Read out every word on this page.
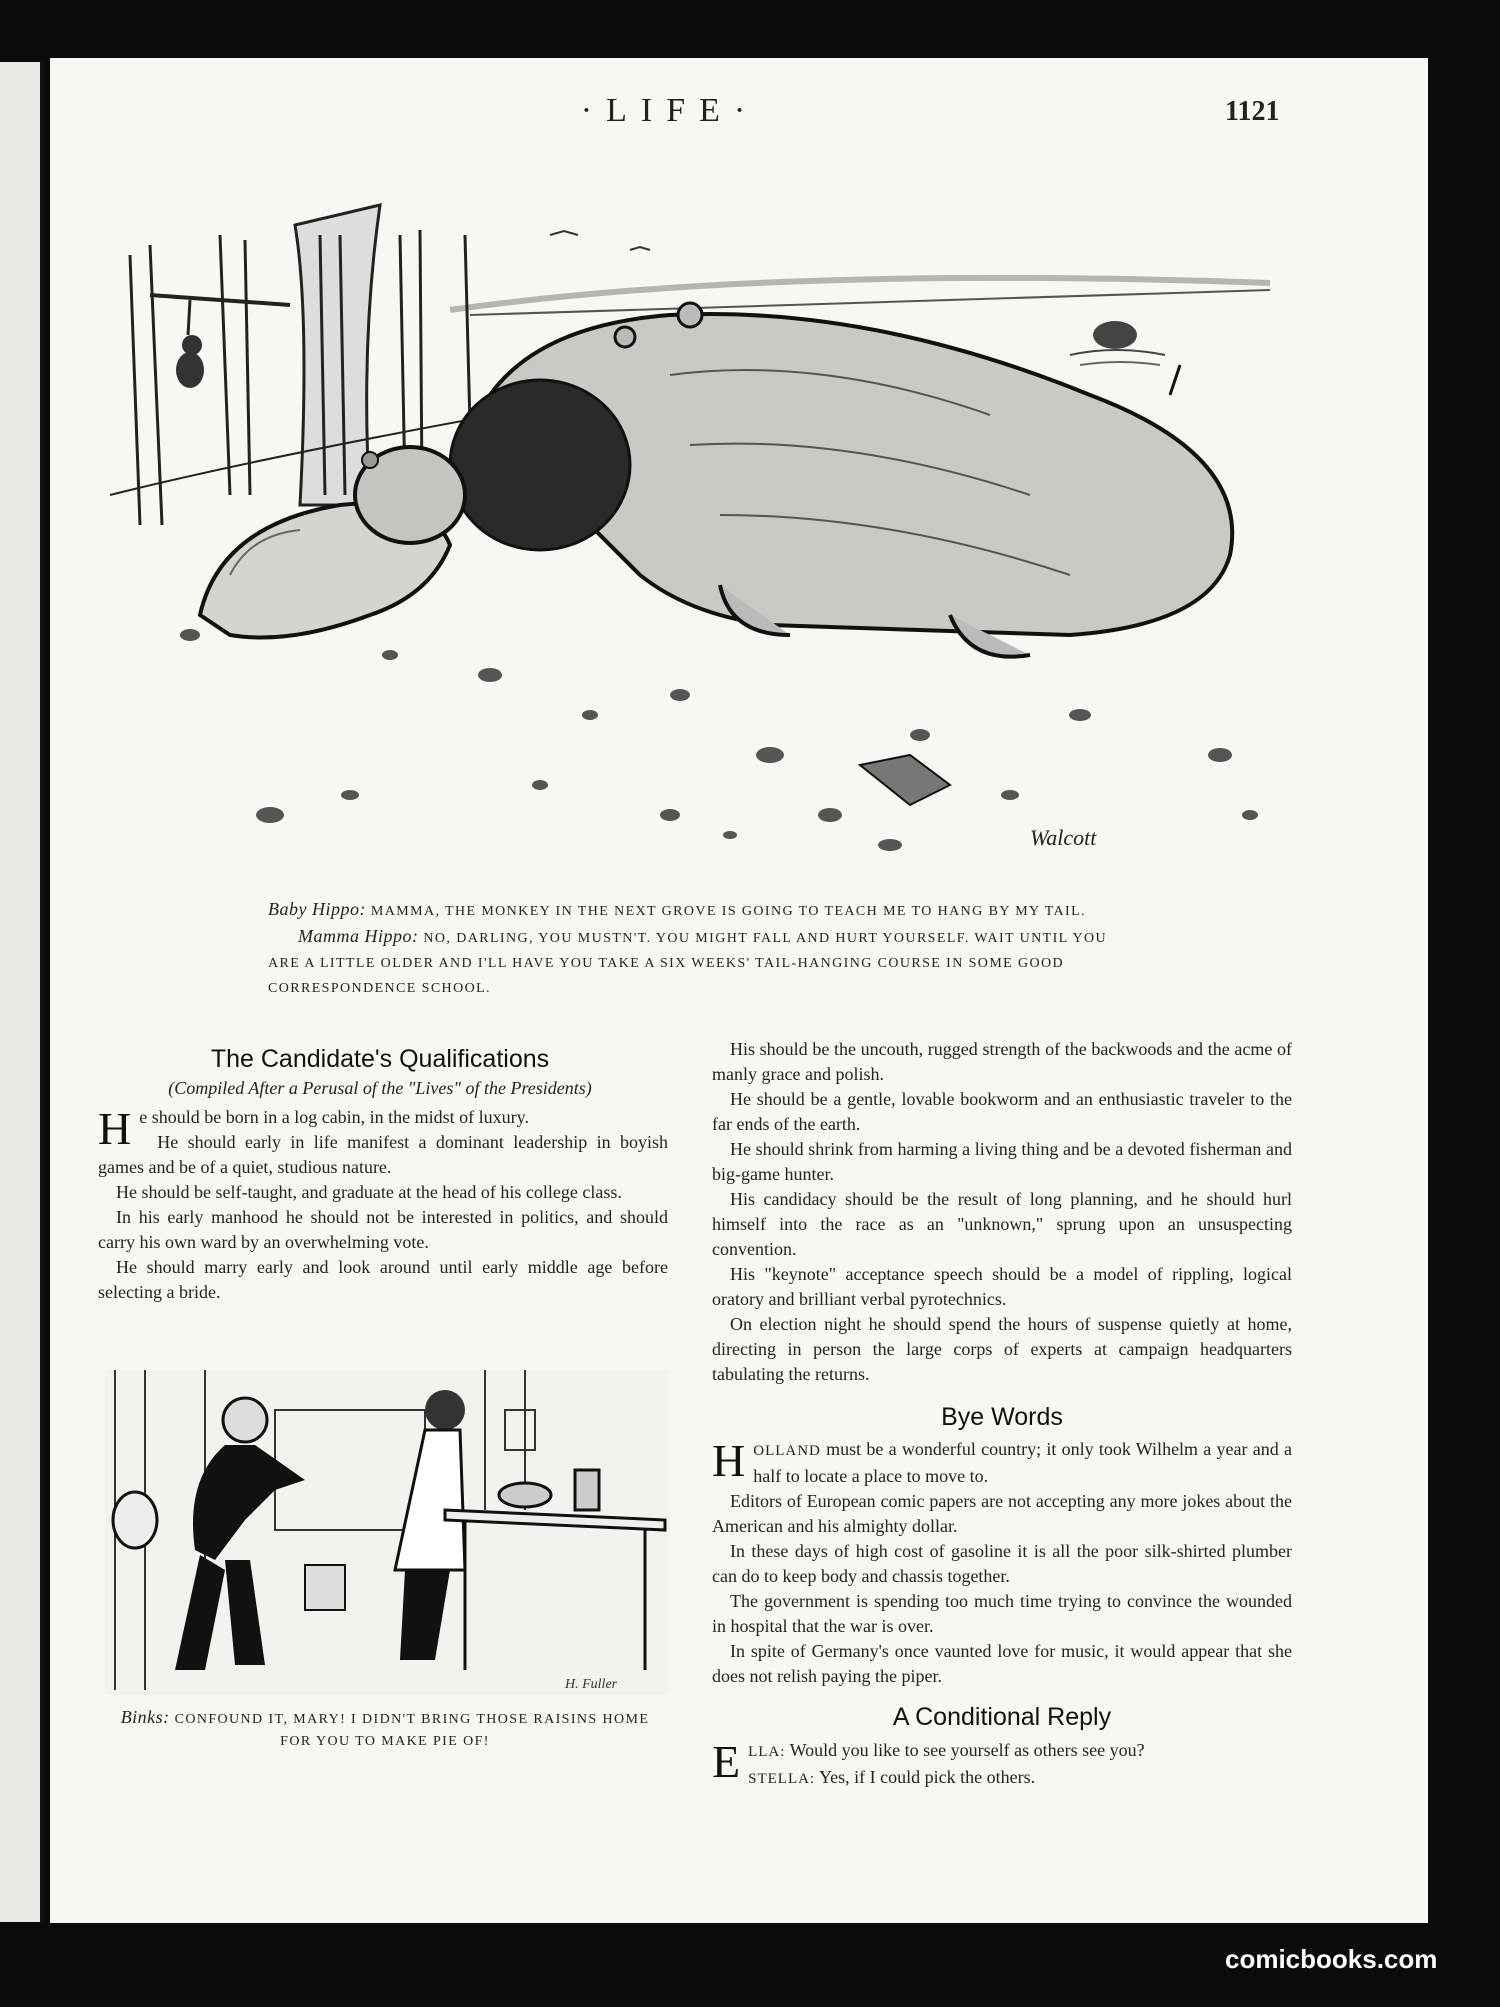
·LIFE·	1121
Walcott
Baby Hippo: MAMMA, THE MONKEY IN THE NEXT GROVE IS GOING TO TEACH ME TO HANG BY MY TAIL.
Mamma Hippo: NO, DARLING, YOU MUSTN'T. YOU MIGHT FALL AND HURT YOURSELF. WAIT UNTIL YOU ARE A LITTLE OLDER AND I'LL HAVE YOU TAKE A SIX WEEKS' TAIL-HANGING COURSE IN SOME GOOD CORRESPONDENCE SCHOOL.
The Candidate's Qualifications
(Compiled After a Perusal of the "Lives" of the Presidents)

He should be born in a log cabin, in the midst of luxury.

He should early in life manifest a dominant leadership in boyish games and be of a quiet, studious nature.

He should be self-taught, and graduate at the head of his college class.

In his early manhood he should not be interested in politics, and should carry his own ward by an overwhelming vote.

He should marry early and look around until early middle age before selecting a bride.

H. Fuller
Binks: CONFOUND IT, MARY! I DIDN'T BRING THOSE RAISINS HOME FOR YOU TO MAKE PIE OF!

His should be the uncouth, rugged strength of the backwoods and the acme of manly grace and polish.

He should be a gentle, lovable bookworm and an enthusiastic traveler to the far ends of the earth.

He should shrink from harming a living thing and be a devoted fisherman and big-game hunter.

His candidacy should be the result of long planning, and he should hurl himself into the race as an "unknown," sprung upon an unsuspecting convention.

His "keynote" acceptance speech should be a model of rippling, logical oratory and brilliant verbal pyrotechnics.

On election night he should spend the hours of suspense quietly at home, directing in person the large corps of experts at campaign headquarters tabulating the returns.

Bye Words

HOLLAND must be a wonderful country; it only took Wilhelm a year and a half to locate a place to move to.

Editors of European comic papers are not accepting any more jokes about the American and his almighty dollar.

In these days of high cost of gasoline it is all the poor silk-shirted plumber can do to keep body and chassis together.

The government is spending too much time trying to convince the wounded in hospital that the war is over.

In spite of Germany's once vaunted love for music, it would appear that she does not relish paying the piper.

A Conditional Reply

ELLA: Would you like to see yourself as others see you?
STELLA: Yes, if I could pick the others.

comicbooks.com
